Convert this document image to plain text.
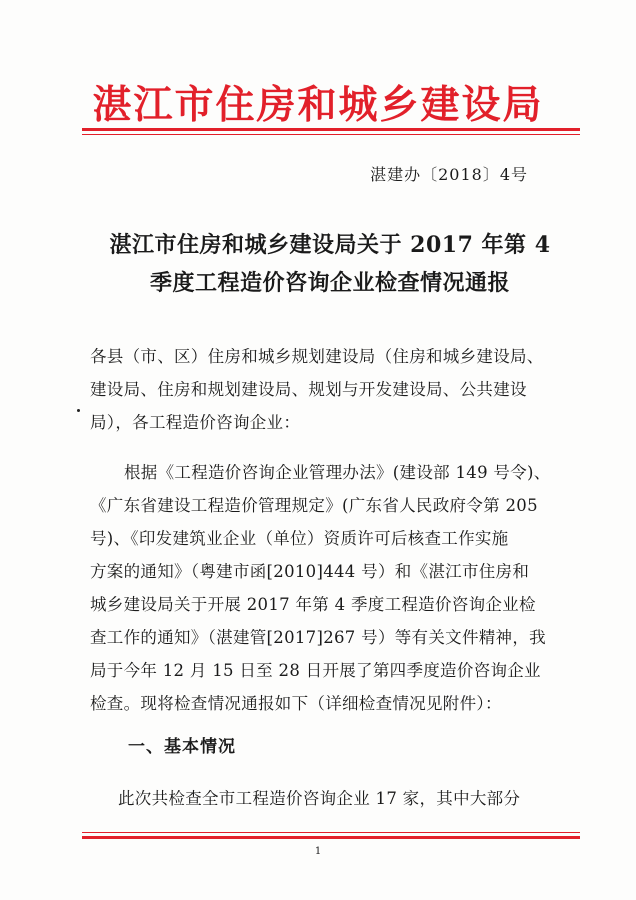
湛江市住房和城乡建设局
湛建办〔2018〕4号
湛江市住房和城乡建设局关于 2017 年第 4
季度工程造价咨询企业检查情况通报
各县（市、区）住房和城乡规划建设局（住房和城乡建设局、
建设局、住房和规划建设局、规划与开发建设局、公共建设
局），各工程造价咨询企业：
根据《工程造价咨询企业管理办法》(建设部 149 号令)、
《广东省建设工程造价管理规定》(广东省人民政府令第 205
号)、《印发建筑业企业（单位）资质许可后核查工作实施
方案的通知》（粤建市函[2010]444 号）和《湛江市住房和
城乡建设局关于开展 2017 年第 4 季度工程造价咨询企业检
查工作的通知》（湛建管[2017]267 号）等有关文件精神，我
局于今年 12 月 15 日至 28 日开展了第四季度造价咨询企业
检查。现将检查情况通报如下（详细检查情况见附件）：
一、基本情况
此次共检查全市工程造价咨询企业 17 家，其中大部分
1
